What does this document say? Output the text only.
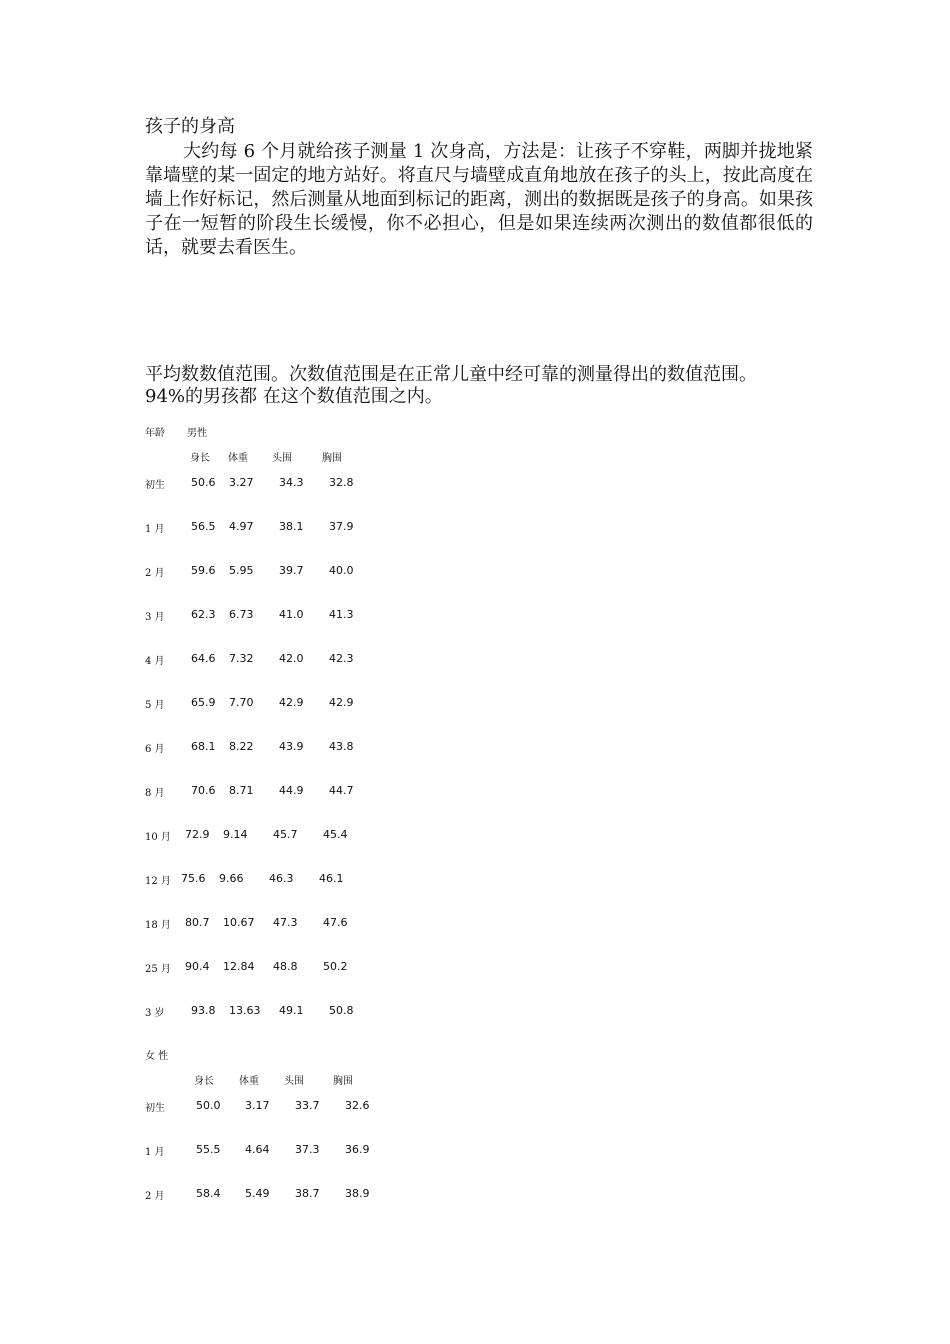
孩子的身高
大约每 6 个月就给孩子测量 1 次身高，方法是：让孩子不穿鞋，两脚并拢地紧靠墙壁的某一固定的地方站好。将直尺与墙壁成直角地放在孩子的头上，按此高度在墙上作好标记，然后测量从地面到标记的距离，测出的数据既是孩子的身高。如果孩子在一短暂的阶段生长缓慢，你不必担心，但是如果连续两次测出的数值都很低的话，就要去看医生。
平均数数值范围。次数值范围是在正常儿童中经可靠的测量得出的数值范围。
94%的男孩都 在这个数值范围之内。
年龄 男性
身长 体重 头围	胸围
初生 50.6 3.27 34.3 32.8
1 月 56.5 4.97 38.1 37.9
2 月 59.6 5.95 39.7 40.0
3 月 62.3 6.73 41.0 41.3
4 月 64.6 7.32 42.0 42.3
5 月 65.9 7.70 42.9 42.9
6 月 68.1 8.22 43.9 43.8
8 月 70.6 8.71 44.9 44.7
10 月 72.9 9.14 45.7 45.4
12 月 75.6 9.66 46.3 46.1
18 月 80.7 10.67 47.3 47.6
25 月 90.4 12.84 48.8 50.2
3 岁 93.8 13.63 49.1 50.8
女 性
身长	体重	头围	胸围
初生	50.0 3.17 33.7 32.6
1 月	55.5 4.64 37.3 36.9
2 月	58.4 5.49 38.7 38.9
